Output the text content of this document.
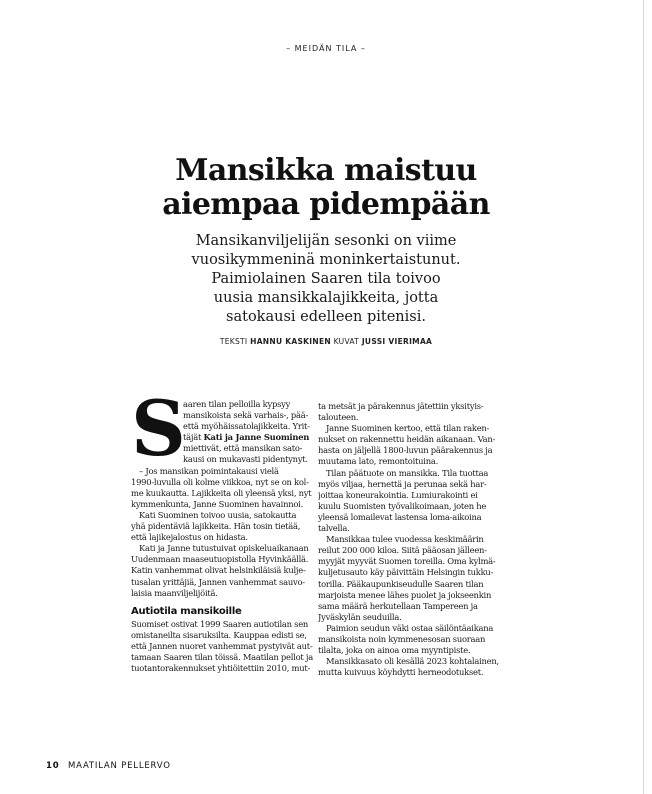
– MEIDÄN TILA –
Mansikka maistuu
aiempaa pidempään
Mansikanviljelijän sesonki on viime
vuosikymmeninä moninkertaistunut.
Paimiolainen Saaren tila toivoo
uusia mansikkalajikkeita, jotta
satokausi edelleen pitenisi.
TEKSTI HANNU KASKINEN KUVAT JUSSI VIERIMAA
S
aaren tilan pelloilla kypsyy
mansikoista sekä varhais-, pää-
että myöhäissatolajikkeita. Yrit-
täjät Kati ja Janne Suominen
miettivät, että mansikan sato-
kausi on mukavasti pidentynyt.
– Jos mansikan poimintakausi vielä
1990-luvulla oli kolme viikkoa, nyt se on kol-
me kuukautta. Lajikkeita oli yleensä yksi, nyt
kymmenkunta, Janne Suominen havainnoi.
Kati Suominen toivoo uusia, satokautta
yhä pidentäviä lajikkeita. Hän tosin tietää,
että lajikejalostus on hidasta.
Kati ja Janne tutustuivat opiskeluaikanaan
Uudenmaan maaseutuopistolla Hyvinkäällä.
Katin vanhemmat olivat helsinkiläisiä kulje-
tusalan yrittäjiä, Jannen vanhemmat sauvo-
laisia maanviljelijöitä.
Autiotila mansikoille
Suomiset ostivat 1999 Saaren autiotilan sen
omistaneilta sisaruksilta. Kauppaa edisti se,
että Jannen nuoret vanhemmat pystyivät aut-
tamaan Saaren tilan töissä. Maatilan pellot ja
tuotantorakennukset yhtiöitettiin 2010, mut-
ta metsät ja pärakennus jätettiin yksityis-
talouteen.
Janne Suominen kertoo, että tilan raken-
nukset on rakennettu heidän aikanaan. Van-
hasta on jäljellä 1800-luvun päärakennus ja
muutama lato, remontoituina.
Tilan päätuote on mansikka. Tila tuottaa
myös viljaa, hernettä ja perunaa sekä har-
joittaa koneurakointia. Lumiurakointi ei
kuulu Suomisten työvalikoimaan, joten he
yleensä lomailevat lastensa loma-aikoina
talvella.
Mansikkaa tulee vuodessa keskimäärin
reilut 200 000 kiloa. Siitä pääosan jälleen-
myyjät myyvät Suomen toreilla. Oma kylmä-
kuljetusauto käy päivittäin Helsingin tukku-
torilla. Pääkaupunkiseudulle Saaren tilan
marjoista menee lähes puolet ja jokseenkin
sama määrä herkutellaan Tampereen ja
Jyväskylän seuduilla.
Paimion seudun väki ostaa säilöntäaikana
mansikoista noin kymmenesosan suoraan
tilalta, joka on ainoa oma myyntipiste.
Mansikkasato oli kesällä 2023 kohtalainen,
mutta kuivuus köyhdytti herneodotukset.
10 MAATILAN PELLERVO
